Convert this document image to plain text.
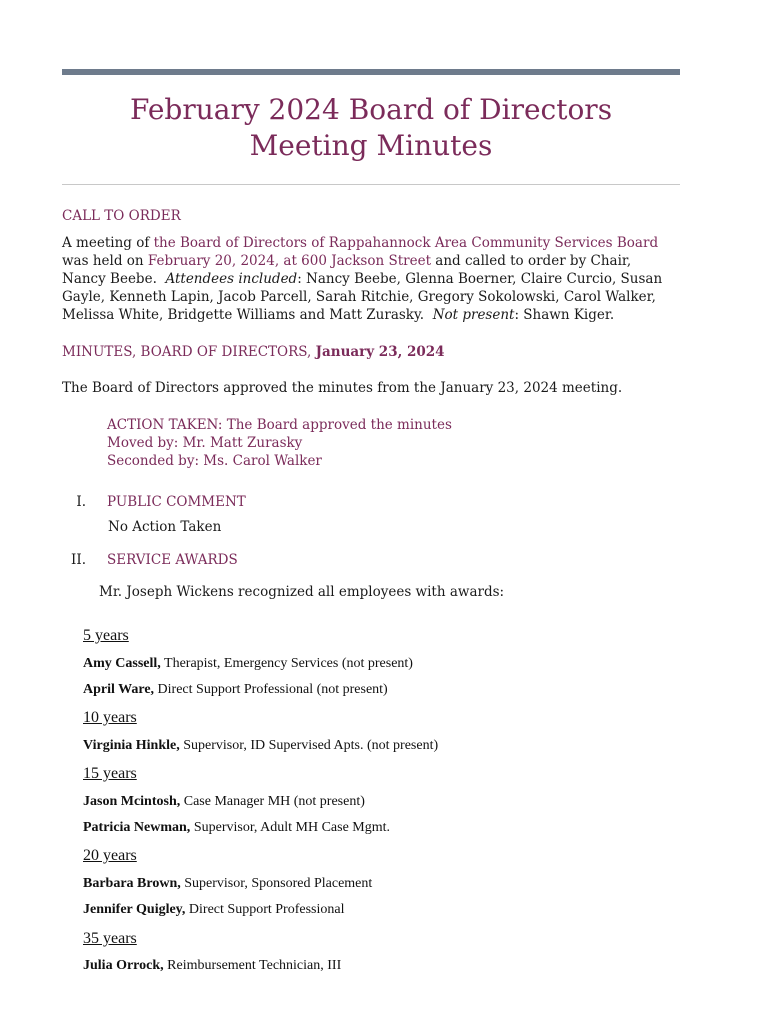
February 2024 Board of Directors
Meeting Minutes
CALL TO ORDER
A meeting of the Board of Directors of Rappahannock Area Community Services Board
was held on February 20, 2024, at 600 Jackson Street and called to order by Chair,
Nancy Beebe.  Attendees included: Nancy Beebe, Glenna Boerner, Claire Curcio, Susan
Gayle, Kenneth Lapin, Jacob Parcell, Sarah Ritchie, Gregory Sokolowski, Carol Walker,
Melissa White, Bridgette Williams and Matt Zurasky.  Not present: Shawn Kiger.
MINUTES, BOARD OF DIRECTORS, January 23, 2024
The Board of Directors approved the minutes from the January 23, 2024 meeting.
ACTION TAKEN: The Board approved the minutes
Moved by: Mr. Matt Zurasky
Seconded by: Ms. Carol Walker
I. PUBLIC COMMENT
No Action Taken
II. SERVICE AWARDS
Mr. Joseph Wickens recognized all employees with awards:
5 years
Amy Cassell, Therapist, Emergency Services (not present)
April Ware, Direct Support Professional (not present)
10 years
Virginia Hinkle, Supervisor, ID Supervised Apts. (not present)
15 years
Jason Mcintosh, Case Manager MH (not present)
Patricia Newman, Supervisor, Adult MH Case Mgmt.
20 years
Barbara Brown, Supervisor, Sponsored Placement
Jennifer Quigley, Direct Support Professional
35 years
Julia Orrock, Reimbursement Technician, III
